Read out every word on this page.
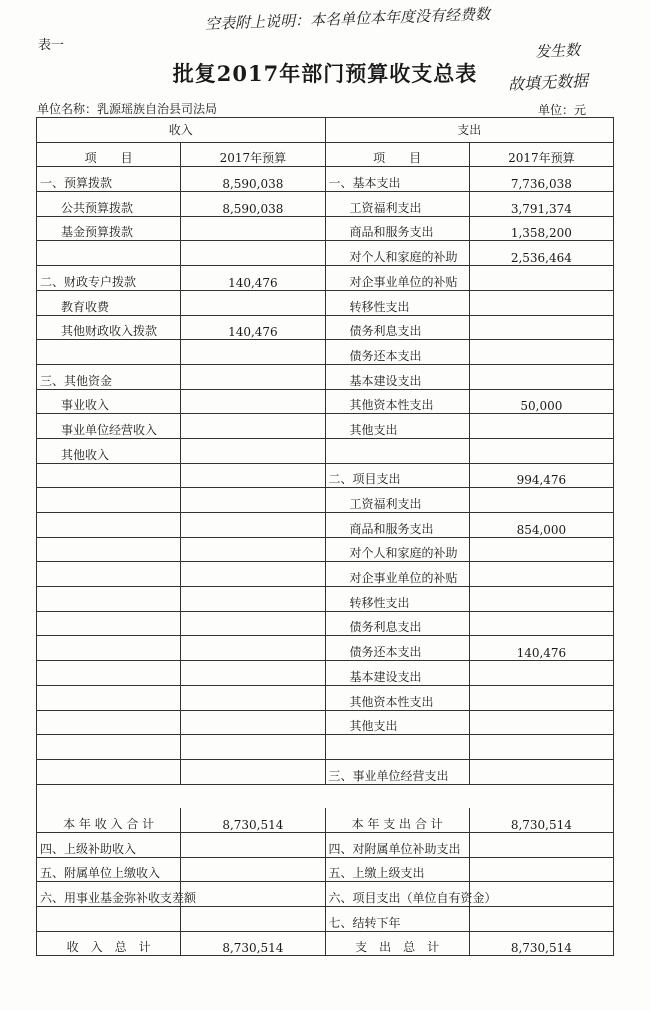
表一
空表附上说明：本名单位本年度没有经费数
发生数
故填无数据
批复2017年部门预算收支总表
单位名称：乳源瑶族自治县司法局	单位：元
收入		支出	
项　　目	2017年预算	项　　目	2017年预算
一、预算拨款	8,590,038	一、基本支出	7,736,038
公共预算拨款	8,590,038	工资福利支出	3,791,374
基金预算拨款		商品和服务支出	1,358,200
		对个人和家庭的补助	2,536,464
二、财政专户拨款	140,476	对企事业单位的补贴	
教育收费		转移性支出	
其他财政收入拨款	140,476	债务利息支出	
		债务还本支出	
三、其他资金		基本建设支出	
事业收入		其他资本性支出	50,000
事业单位经营收入		其他支出	
其他收入			
		二、项目支出	994,476
		工资福利支出	
		商品和服务支出	854,000
		对个人和家庭的补助	
		对企事业单位的补贴	
		转移性支出	
		债务利息支出	
		债务还本支出	140,476
		基本建设支出	
		其他资本性支出	
		其他支出	

		三、事业单位经营支出	

本 年 收 入 合 计	8,730,514	本 年 支 出 合 计	8,730,514
四、上级补助收入		四、对附属单位补助支出	
五、附属单位上缴收入		五、上缴上级支出	
六、用事业基金弥补收支差额		六、项目支出（单位自有资金）	
		七、结转下年	
收　入　总　计	8,730,514	支　出　总　计	8,730,514
